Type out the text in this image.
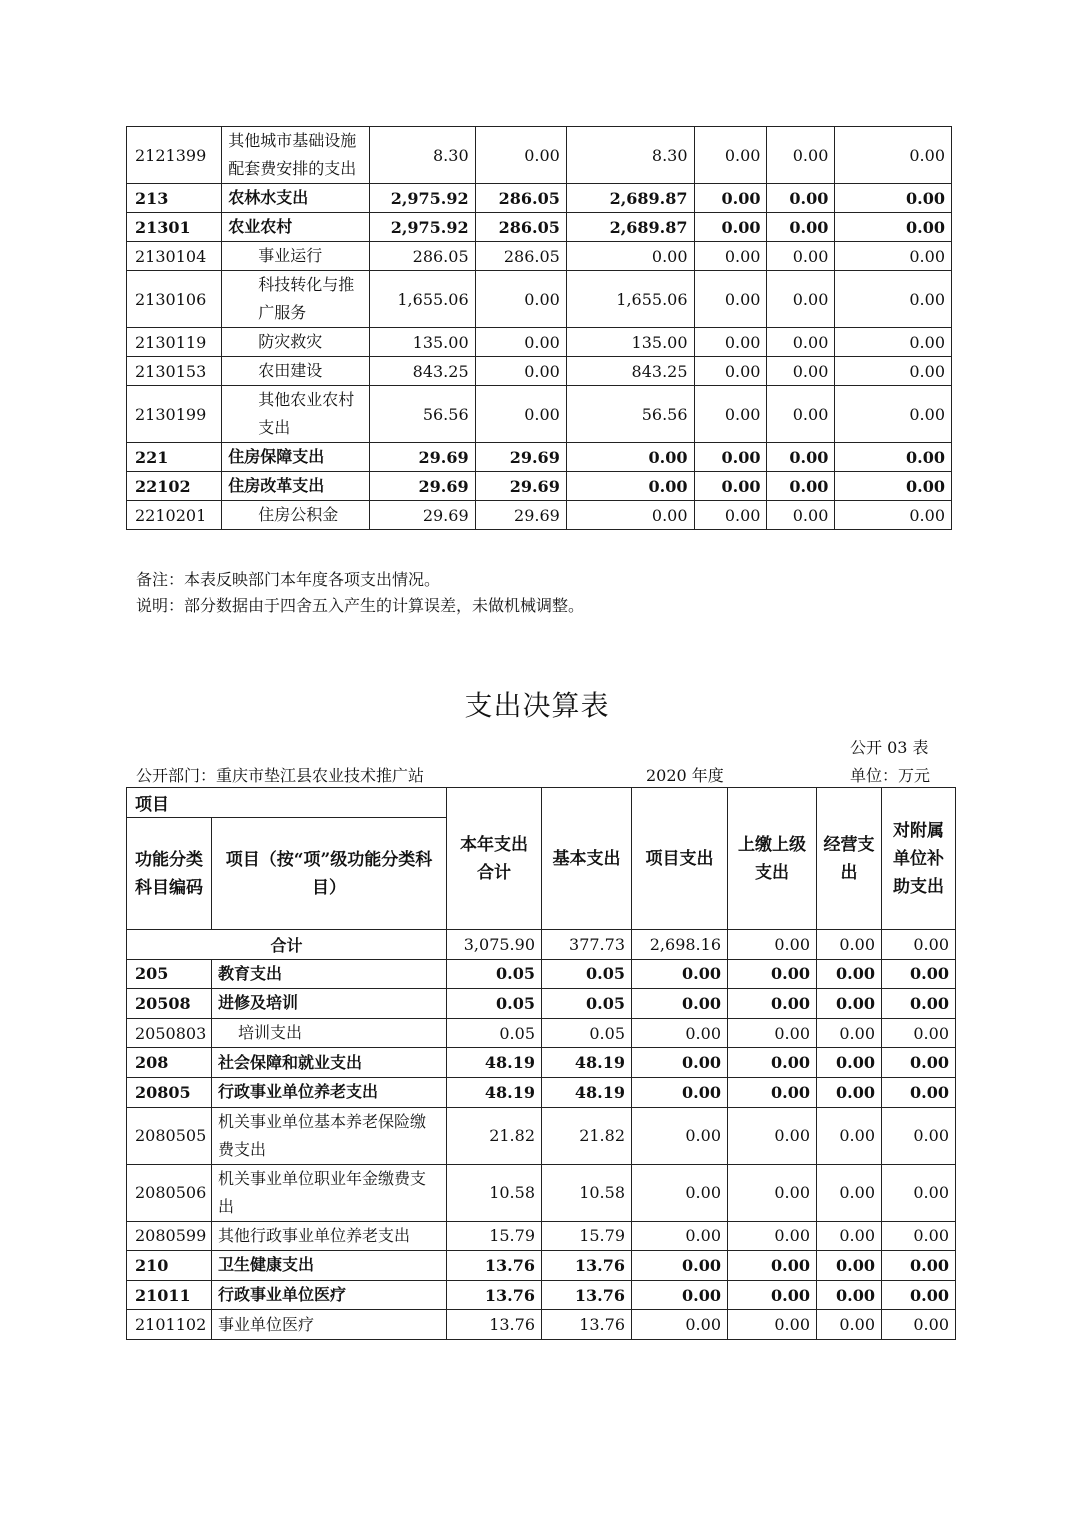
2121399	其他城市基础设施配套费安排的支出	8.30	0.00	8.30	0.00	0.00	0.00
213	农林水支出	2,975.92	286.05	2,689.87	0.00	0.00	0.00
21301	农业农村	2,975.92	286.05	2,689.87	0.00	0.00	0.00
2130104	事业运行	286.05	286.05	0.00	0.00	0.00	0.00
2130106	科技转化与推广服务	1,655.06	0.00	1,655.06	0.00	0.00	0.00
2130119	防灾救灾	135.00	0.00	135.00	0.00	0.00	0.00
2130153	农田建设	843.25	0.00	843.25	0.00	0.00	0.00
2130199	其他农业农村支出	56.56	0.00	56.56	0.00	0.00	0.00
221	住房保障支出	29.69	29.69	0.00	0.00	0.00	0.00
22102	住房改革支出	29.69	29.69	0.00	0.00	0.00	0.00
2210201	住房公积金	29.69	29.69	0.00	0.00	0.00	0.00
备注：本表反映部门本年度各项支出情况。
说明：部分数据由于四舍五入产生的计算误差，未做机械调整。
支出决算表
公开 03 表
公开部门：重庆市垫江县农业技术推广站	2020 年度	单位：万元
项目		本年支出合计	基本支出	项目支出	上缴上级支出	经营支出	对附属单位补助支出
功能分类科目编码	项目（按“项”级功能分类科目）						
合计		3,075.90	377.73	2,698.16	0.00	0.00	0.00
205	教育支出	0.05	0.05	0.00	0.00	0.00	0.00
20508	进修及培训	0.05	0.05	0.00	0.00	0.00	0.00
2050803	培训支出	0.05	0.05	0.00	0.00	0.00	0.00
208	社会保障和就业支出	48.19	48.19	0.00	0.00	0.00	0.00
20805	行政事业单位养老支出	48.19	48.19	0.00	0.00	0.00	0.00
2080505	机关事业单位基本养老保险缴费支出	21.82	21.82	0.00	0.00	0.00	0.00
2080506	机关事业单位职业年金缴费支出	10.58	10.58	0.00	0.00	0.00	0.00
2080599	其他行政事业单位养老支出	15.79	15.79	0.00	0.00	0.00	0.00
210	卫生健康支出	13.76	13.76	0.00	0.00	0.00	0.00
21011	行政事业单位医疗	13.76	13.76	0.00	0.00	0.00	0.00
2101102	事业单位医疗	13.76	13.76	0.00	0.00	0.00	0.00
